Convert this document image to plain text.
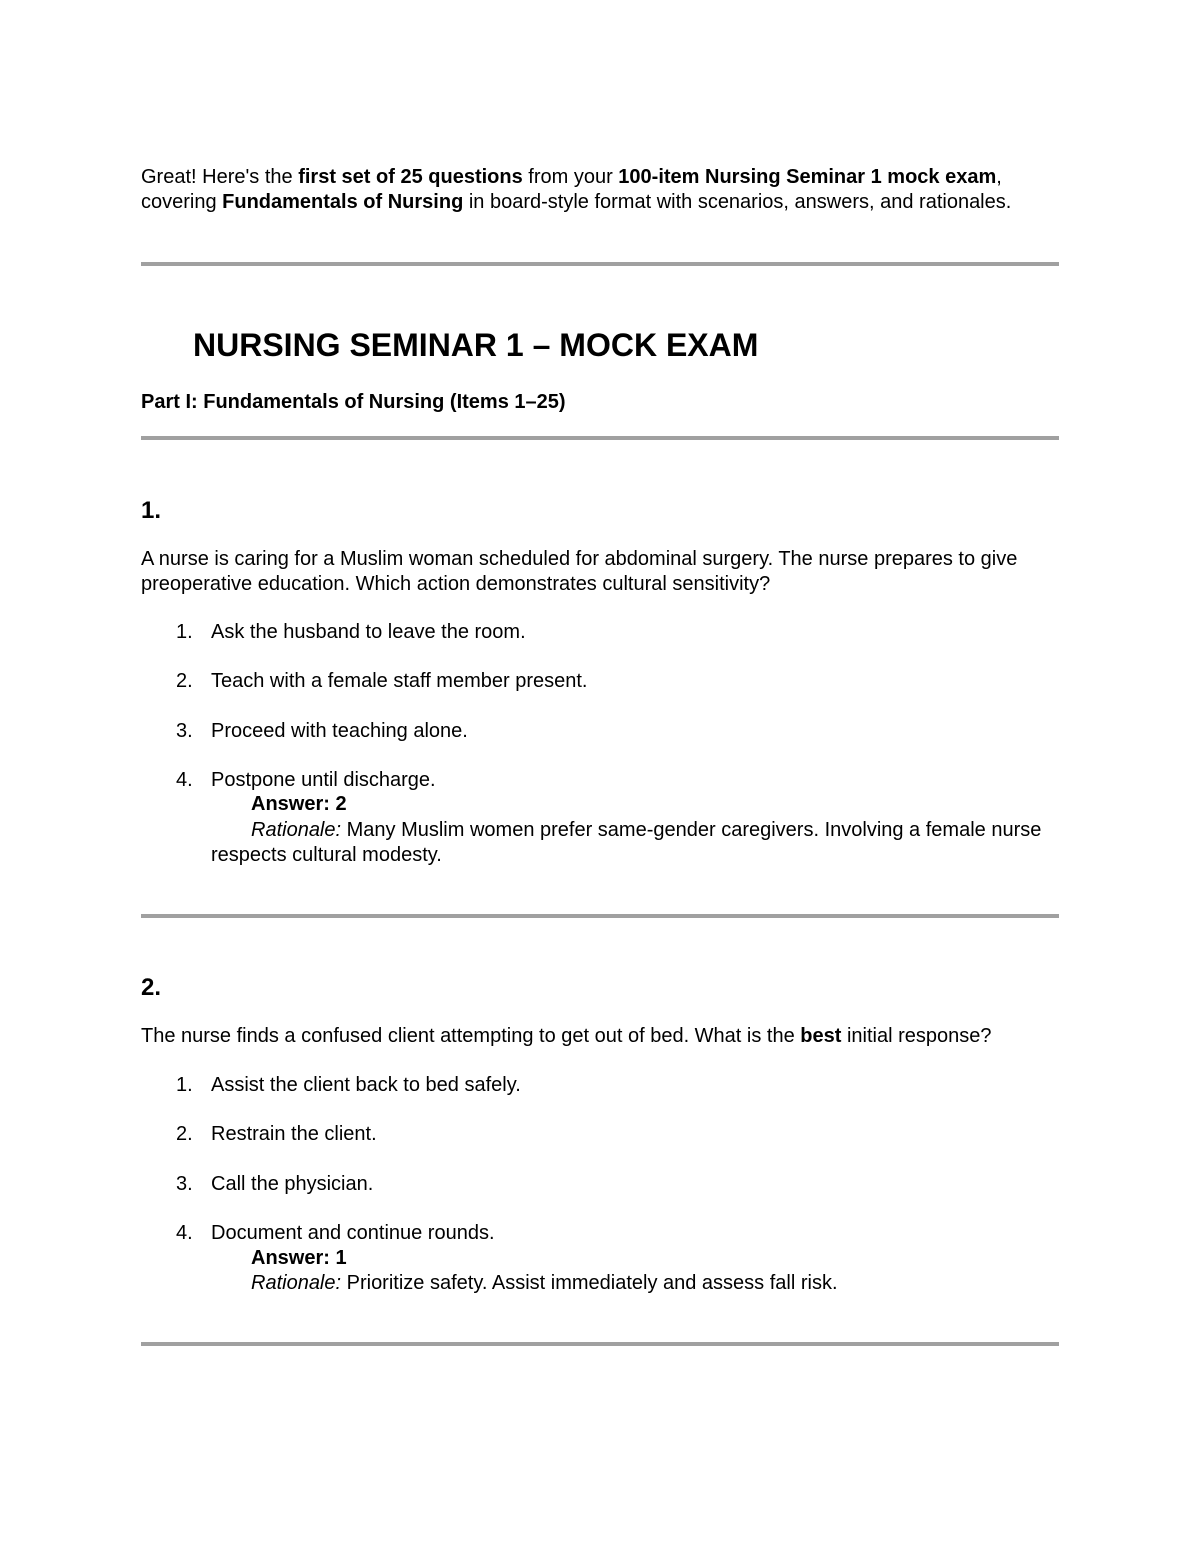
Great! Here's the first set of 25 questions from your 100-item Nursing Seminar 1 mock exam, covering Fundamentals of Nursing in board-style format with scenarios, answers, and rationales.

NURSING SEMINAR 1 – MOCK EXAM
Part I: Fundamentals of Nursing (Items 1–25)
1.

A nurse is caring for a Muslim woman scheduled for abdominal surgery. The nurse prepares to give preoperative education. Which action demonstrates cultural sensitivity?

1. Ask the husband to leave the room.

2. Teach with a female staff member present.

3. Proceed with teaching alone.

4. Postpone until discharge.

Answer: 2

Rationale: Many Muslim women prefer same-gender caregivers. Involving a female nurse respects cultural modesty.

2.

The nurse finds a confused client attempting to get out of bed. What is the best initial response?

1. Assist the client back to bed safely.

2. Restrain the client.

3. Call the physician.

4. Document and continue rounds.

Answer: 1

Rationale: Prioritize safety. Assist immediately and assess fall risk.
